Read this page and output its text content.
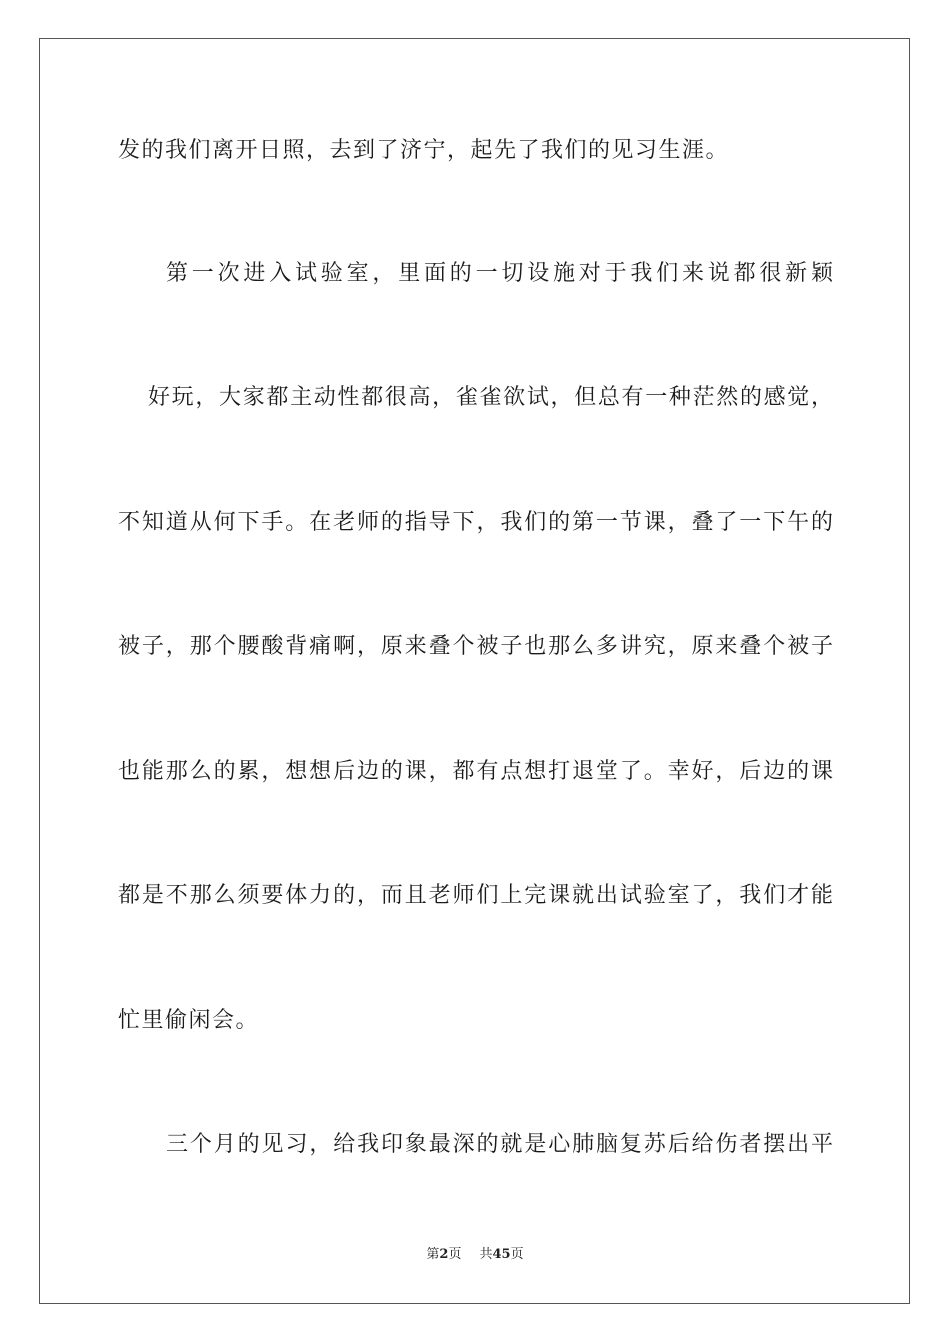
发的我们离开日照，去到了济宁，起先了我们的见习生涯。
第一次进入试验室，里面的一切设施对于我们来说都很新颖
好玩，大家都主动性都很高，雀雀欲试，但总有一种茫然的感觉，
不知道从何下手。在老师的指导下，我们的第一节课，叠了一下午的
被子，那个腰酸背痛啊，原来叠个被子也那么多讲究，原来叠个被子
也能那么的累，想想后边的课，都有点想打退堂了。幸好，后边的课
都是不那么须要体力的，而且老师们上完课就出试验室了，我们才能
忙里偷闲会。
三个月的见习，给我印象最深的就是心肺脑复苏后给伤者摆出平
第2页 共45页
